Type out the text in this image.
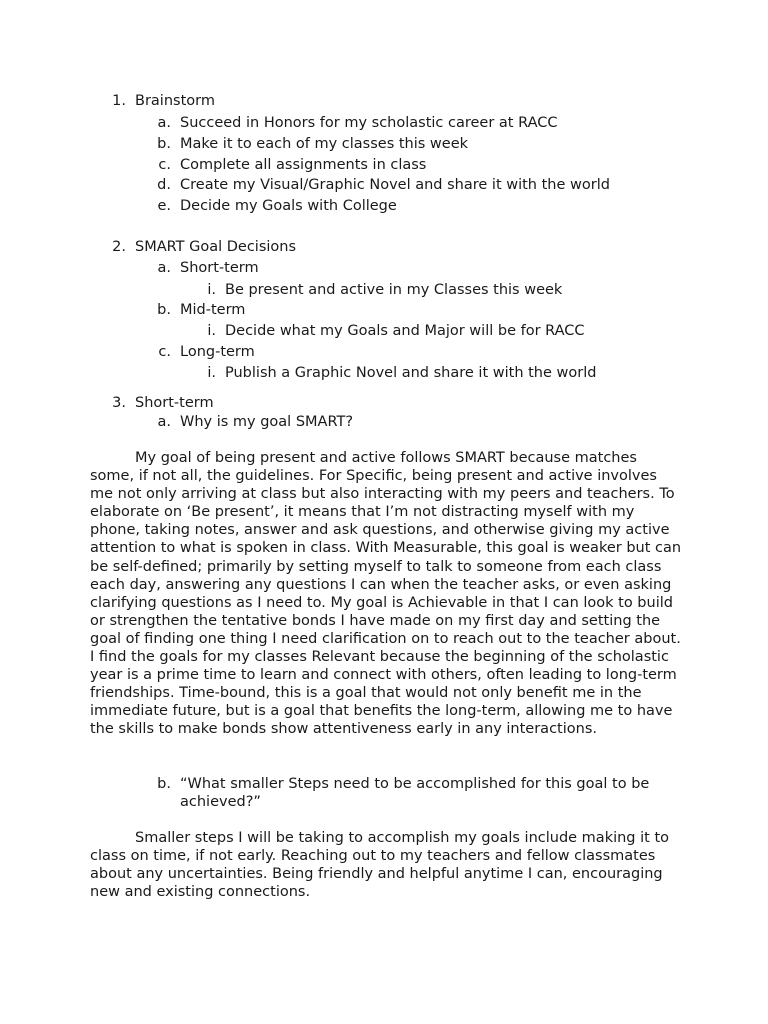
1. Brainstorm
a. Succeed in Honors for my scholastic career at RACC
b. Make it to each of my classes this week
c. Complete all assignments in class
d. Create my Visual/Graphic Novel and share it with the world
e. Decide my Goals with College
2. SMART Goal Decisions
a. Short-term
i. Be present and active in my Classes this week
b. Mid-term
i. Decide what my Goals and Major will be for RACC
c. Long-term
i. Publish a Graphic Novel and share it with the world
3. Short-term
a. Why is my goal SMART?

My goal of being present and active follows SMART because matches some, if not all, the guidelines. For Specific, being present and active involves me not only arriving at class but also interacting with my peers and teachers. To elaborate on ‘Be present’, it means that I’m not distracting myself with my phone, taking notes, answer and ask questions, and otherwise giving my active attention to what is spoken in class. With Measurable, this goal is weaker but can be self-defined; primarily by setting myself to talk to someone from each class each day, answering any questions I can when the teacher asks, or even asking clarifying questions as I need to. My goal is Achievable in that I can look to build or strengthen the tentative bonds I have made on my first day and setting the goal of finding one thing I need clarification on to reach out to the teacher about. I find the goals for my classes Relevant because the beginning of the scholastic year is a prime time to learn and connect with others, often leading to long-term friendships. Time-bound, this is a goal that would not only benefit me in the immediate future, but is a goal that benefits the long-term, allowing me to have the skills to make bonds show attentiveness early in any interactions.

b. “What smaller Steps need to be accomplished for this goal to be achieved?”

Smaller steps I will be taking to accomplish my goals include making it to class on time, if not early. Reaching out to my teachers and fellow classmates about any uncertainties. Being friendly and helpful anytime I can, encouraging new and existing connections.
